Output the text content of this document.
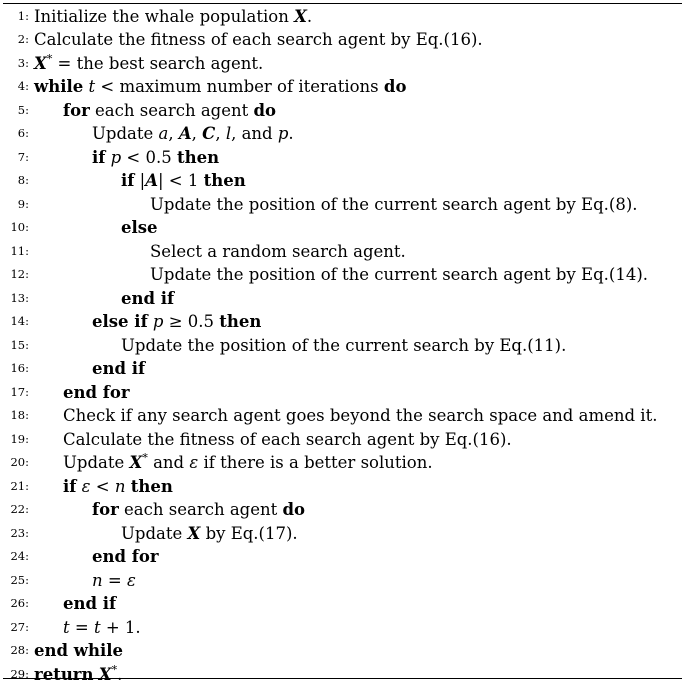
1: Initialize the whale population X.
2: Calculate the fitness of each search agent by Eq.(16).
3: X* = the best search agent.
4: while t < maximum number of iterations do
5: for each search agent do
6:	Update a, A, C, l, and p.
7:	if p < 0.5 then
8:	if |A| < 1 then
9:	Update the position of the current search agent by Eq.(8).
10:	else
11:	Select a random search agent.
12:	Update the position of the current search agent by Eq.(14).
13:	end if
14:	else if p ≥ 0.5 then
15:	Update the position of the current search by Eq.(11).
16:	end if
17: end for
18: Check if any search agent goes beyond the search space and amend it.
19: Calculate the fitness of each search agent by Eq.(16).
20: Update X* and ε if there is a better solution.
21: if ε < n then
22:	for each search agent do
23:	Update X by Eq.(17).
24:	end for
25:	n = ε
26: end if
27: t = t + 1.
28: end while
29: return X*.
